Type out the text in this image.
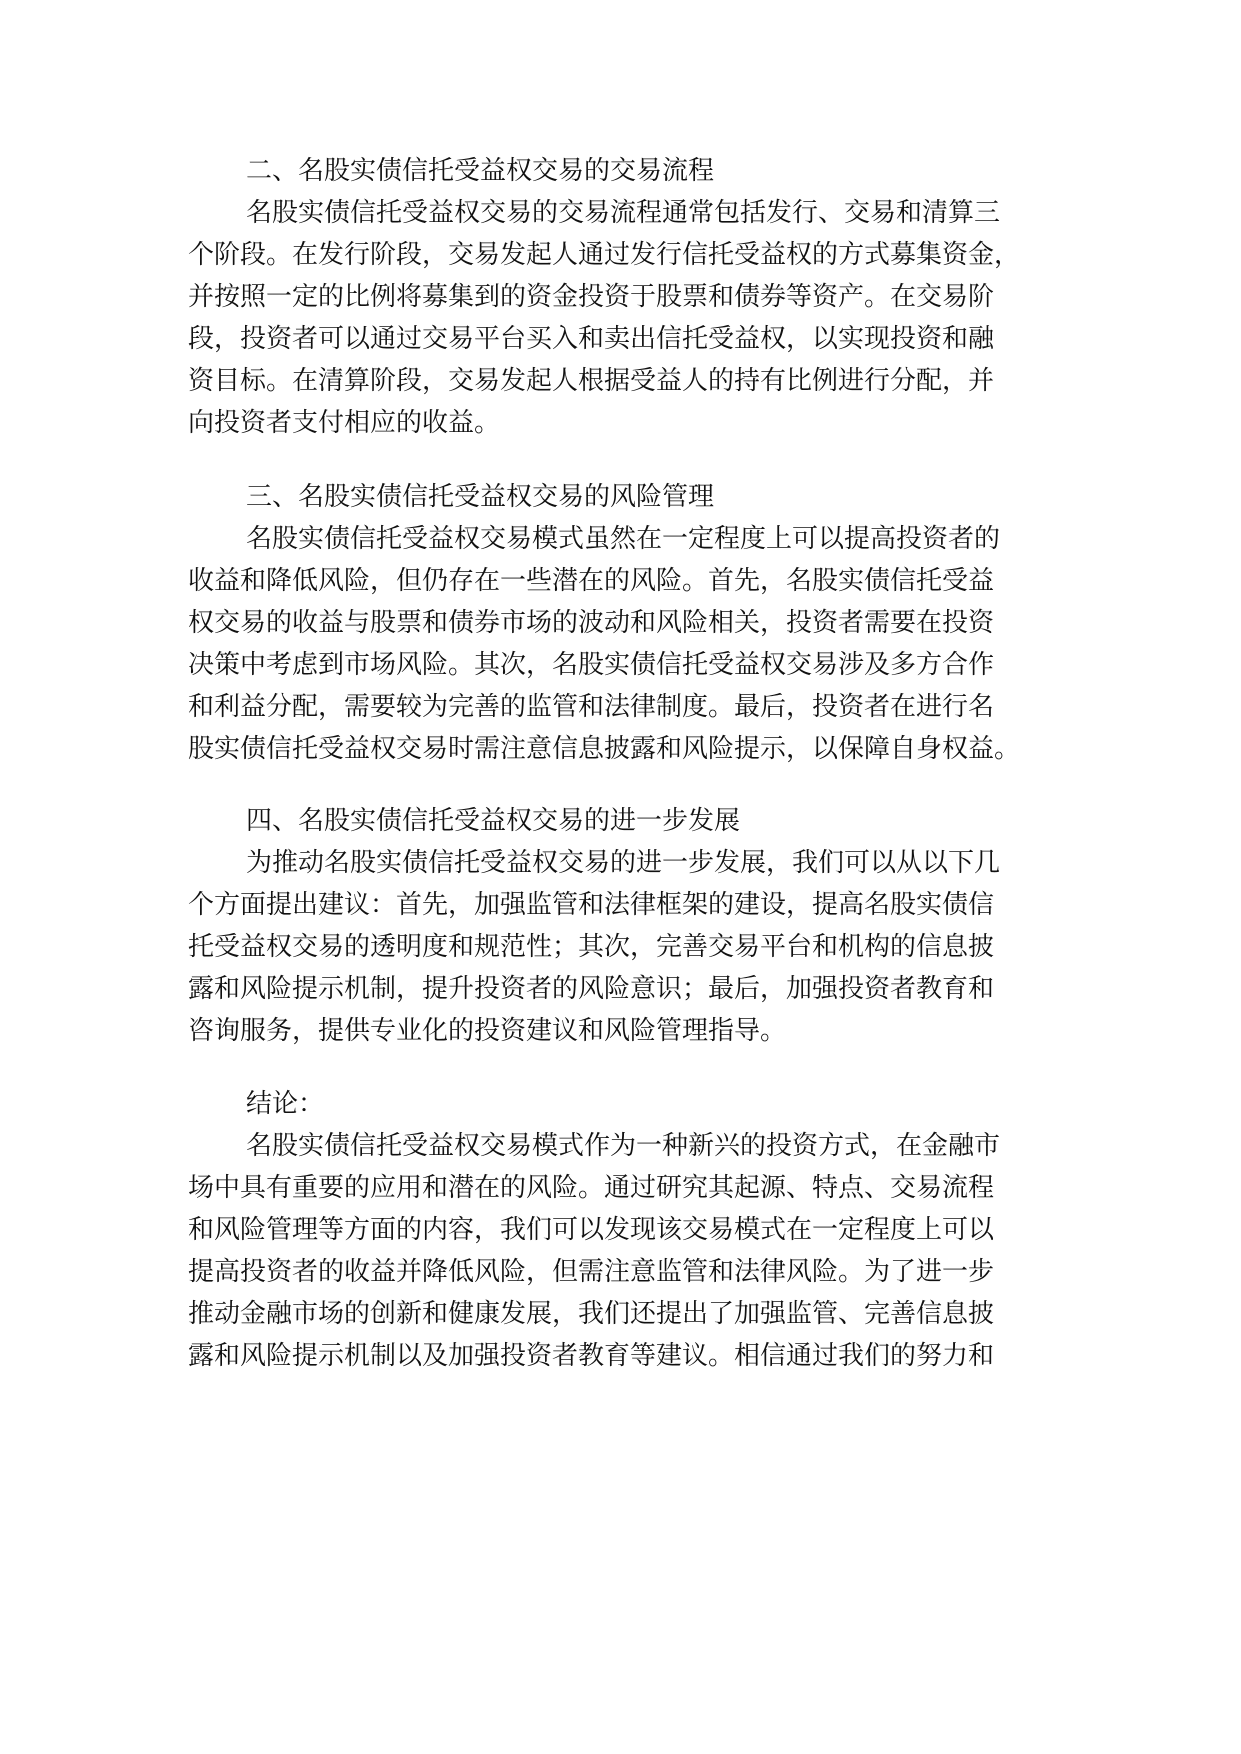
二、名股实债信托受益权交易的交易流程
名股实债信托受益权交易的交易流程通常包括发行、交易和清算三
个阶段。在发行阶段，交易发起人通过发行信托受益权的方式募集资金，
并按照一定的比例将募集到的资金投资于股票和债券等资产。在交易阶
段，投资者可以通过交易平台买入和卖出信托受益权，以实现投资和融
资目标。在清算阶段，交易发起人根据受益人的持有比例进行分配，并
向投资者支付相应的收益。
三、名股实债信托受益权交易的风险管理
名股实债信托受益权交易模式虽然在一定程度上可以提高投资者的
收益和降低风险，但仍存在一些潜在的风险。首先，名股实债信托受益
权交易的收益与股票和债券市场的波动和风险相关，投资者需要在投资
决策中考虑到市场风险。其次，名股实债信托受益权交易涉及多方合作
和利益分配，需要较为完善的监管和法律制度。最后，投资者在进行名
股实债信托受益权交易时需注意信息披露和风险提示，以保障自身权益。
四、名股实债信托受益权交易的进一步发展
为推动名股实债信托受益权交易的进一步发展，我们可以从以下几
个方面提出建议：首先，加强监管和法律框架的建设，提高名股实债信
托受益权交易的透明度和规范性；其次，完善交易平台和机构的信息披
露和风险提示机制，提升投资者的风险意识；最后，加强投资者教育和
咨询服务，提供专业化的投资建议和风险管理指导。
结论：
名股实债信托受益权交易模式作为一种新兴的投资方式，在金融市
场中具有重要的应用和潜在的风险。通过研究其起源、特点、交易流程
和风险管理等方面的内容，我们可以发现该交易模式在一定程度上可以
提高投资者的收益并降低风险，但需注意监管和法律风险。为了进一步
推动金融市场的创新和健康发展，我们还提出了加强监管、完善信息披
露和风险提示机制以及加强投资者教育等建议。相信通过我们的努力和
